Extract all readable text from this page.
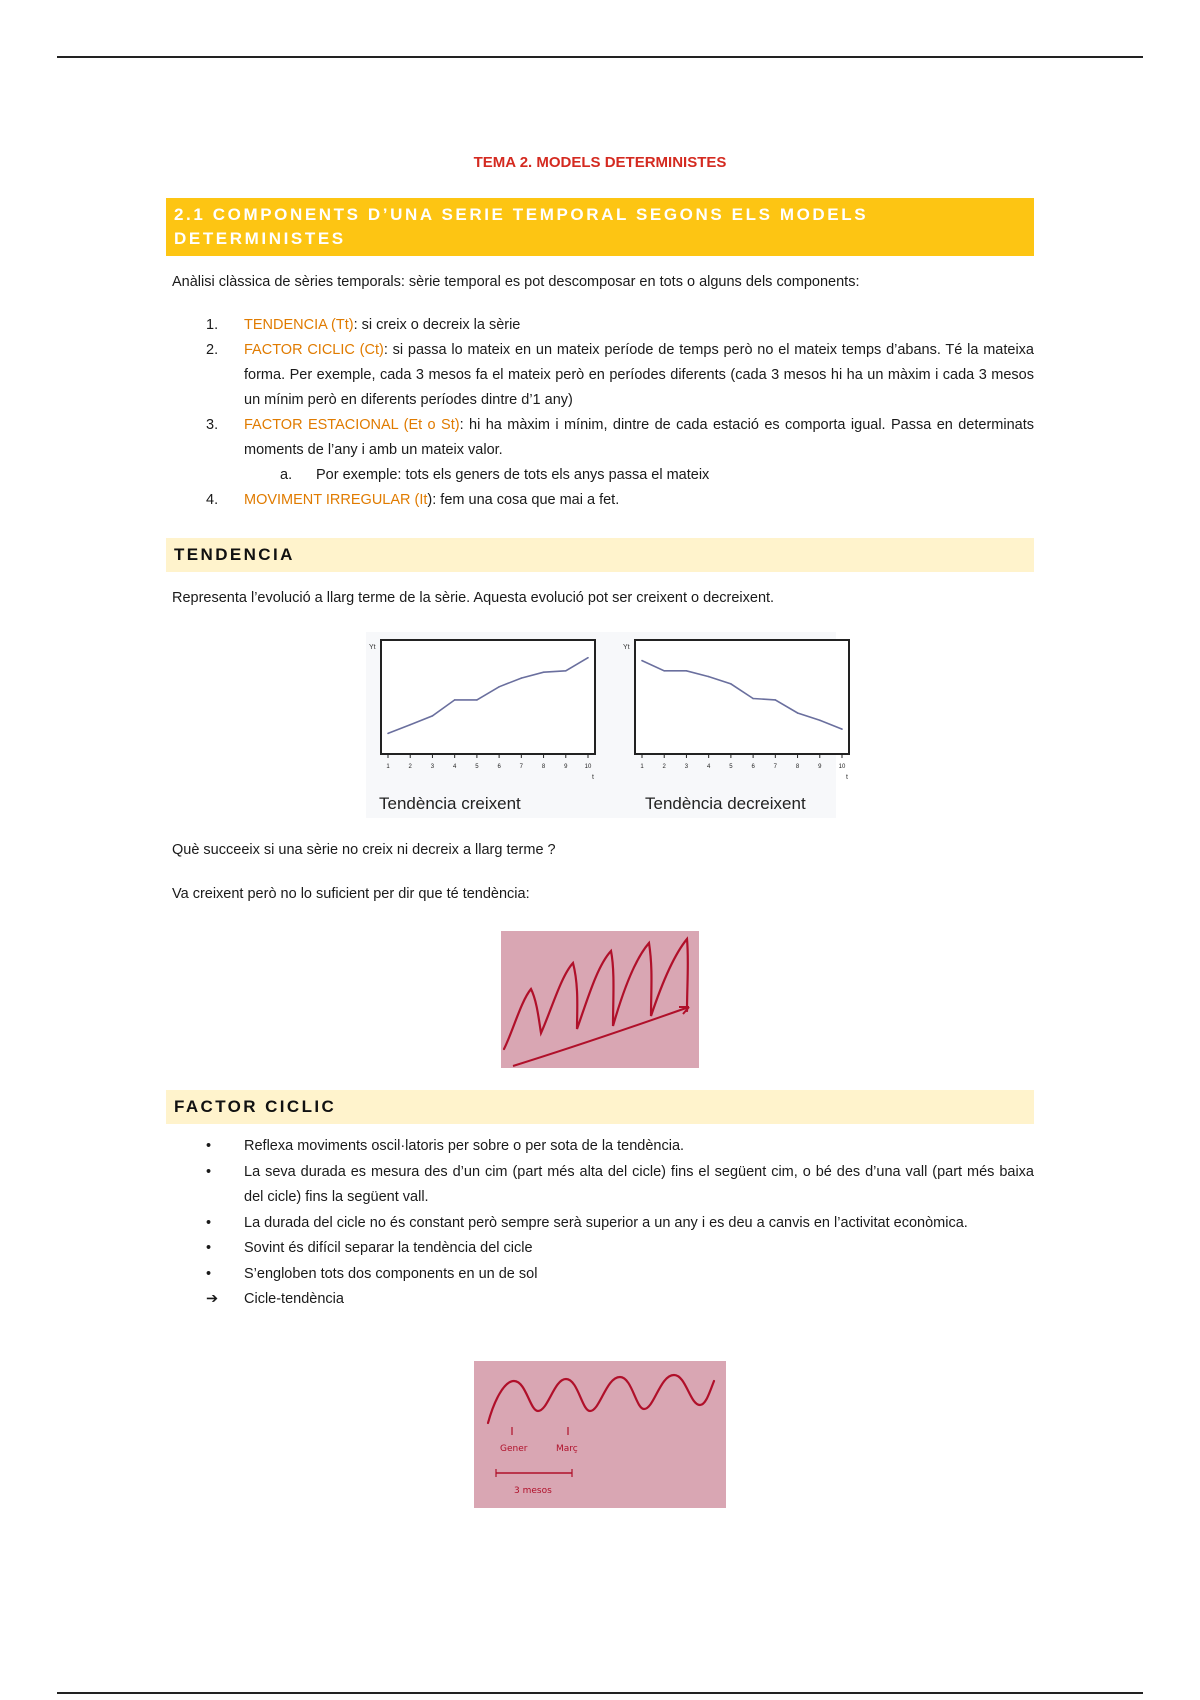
TEMA 2. MODELS DETERMINISTES
2.1 COMPONENTS D’UNA SERIE TEMPORAL SEGONS ELS MODELS DETERMINISTES
Anàlisi clàssica de sèries temporals: sèrie temporal es pot descomposar en tots o alguns dels components:
1. TENDENCIA (Tt): si creix o decreix la sèrie
2. FACTOR CICLIC (Ct): si passa lo mateix en un mateix període de temps però no el mateix temps d’abans. Té la mateixa forma. Per exemple, cada 3 mesos fa el mateix però en períodes diferents (cada 3 mesos hi ha un màxim i cada 3 mesos un mínim però en diferents períodes dintre d’1 any)
3. FACTOR ESTACIONAL (Et o St): hi ha màxim i mínim, dintre de cada estació es comporta igual. Passa en determinats moments de l’any i amb un mateix valor.
a. Por exemple: tots els geners de tots els anys passa el mateix
4. MOVIMENT IRREGULAR (It): fem una cosa que mai a fet.
TENDENCIA
Representa l’evolució a llarg terme de la sèrie. Aquesta evolució pot ser creixent o decreixent.
Yt
t
1	2	3	4	5	6	7	8	9	10
Yt
t
1	2	3	4	5	6	7	8	9	10
Tendència creixent	Tendència decreixent
Què succeeix si una sèrie no creix ni decreix a llarg terme ?
Va creixent però no lo suficient per dir que té tendència:
FACTOR CICLIC
• Reflexa moviments oscil·latoris per sobre o per sota de la tendència.
• La seva durada es mesura des d’un cim (part més alta del cicle) fins el següent cim, o bé des d’una vall (part més baixa del cicle) fins la següent vall.
• La durada del cicle no és constant però sempre serà superior a un any i es deu a canvis en l’activitat econòmica.
• Sovint és difícil separar la tendència del cicle
• S’engloben tots dos components en un de sol
➔ Cicle-tendència
Gener	Març
3 mesos
